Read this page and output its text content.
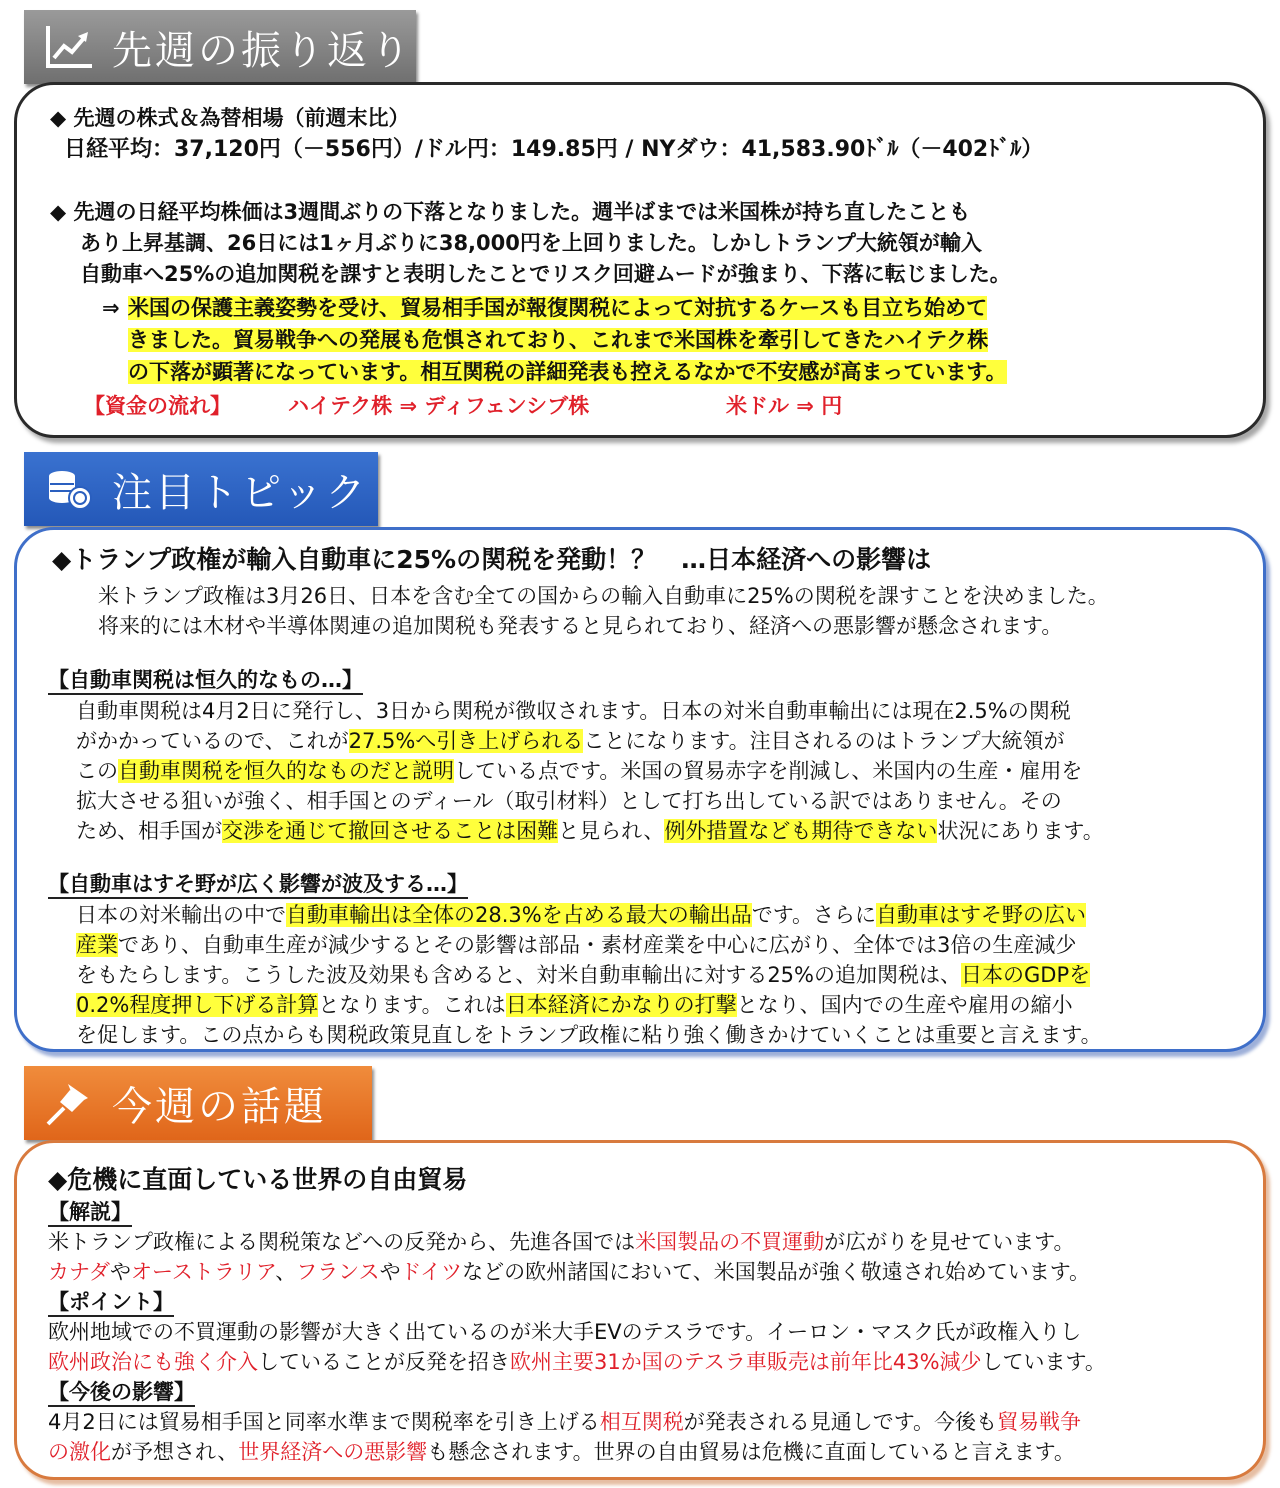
先週の振り返り
◆ 先週の株式＆為替相場（前週末比）
日経平均：37,120円（－556円）/ドル円：149.85円 / NYダウ：41,583.90ﾄﾞﾙ（－402ﾄﾞﾙ）
◆ 先週の日経平均株価は3週間ぶりの下落となりました。週半ばまでは米国株が持ち直したことも
あり上昇基調、26日には1ヶ月ぶりに38,000円を上回りました。しかしトランプ大統領が輸入
自動車へ25%の追加関税を課すと表明したことでリスク回避ムードが強まり、下落に転じました。
⇒ 米国の保護主義姿勢を受け、貿易相手国が報復関税によって対抗するケースも目立ち始めて
きました。貿易戦争への発展も危惧されており、これまで米国株を牽引してきたハイテク株
の下落が顕著になっています。相互関税の詳細発表も控えるなかで不安感が高まっています。
【資金の流れ】	ハイテク株 ⇒ ディフェンシブ株	米ドル ⇒ 円
注目トピック
◆トランプ政権が輸入自動車に25%の関税を発動！？　…日本経済への影響は
米トランプ政権は3月26日、日本を含む全ての国からの輸入自動車に25%の関税を課すことを決めました。
将来的には木材や半導体関連の追加関税も発表すると見られており、経済への悪影響が懸念されます。
【自動車関税は恒久的なもの…】
自動車関税は4月2日に発行し、3日から関税が徴収されます。日本の対米自動車輸出には現在2.5%の関税
がかかっているので、これが27.5%へ引き上げられることになります。注目されるのはトランプ大統領が
この自動車関税を恒久的なものだと説明している点です。米国の貿易赤字を削減し、米国内の生産・雇用を
拡大させる狙いが強く、相手国とのディール（取引材料）として打ち出している訳ではありません。その
ため、相手国が交渉を通じて撤回させることは困難と見られ、例外措置なども期待できない状況にあります。
【自動車はすそ野が広く影響が波及する…】
日本の対米輸出の中で自動車輸出は全体の28.3%を占める最大の輸出品です。さらに自動車はすそ野の広い
産業であり、自動車生産が減少するとその影響は部品・素材産業を中心に広がり、全体では3倍の生産減少
をもたらします。こうした波及効果も含めると、対米自動車輸出に対する25%の追加関税は、日本のGDPを
0.2%程度押し下げる計算となります。これは日本経済にかなりの打撃となり、国内での生産や雇用の縮小
を促します。この点からも関税政策見直しをトランプ政権に粘り強く働きかけていくことは重要と言えます。
今週の話題
◆危機に直面している世界の自由貿易
【解説】
米トランプ政権による関税策などへの反発から、先進各国では米国製品の不買運動が広がりを見せています。
カナダやオーストラリア、フランスやドイツなどの欧州諸国において、米国製品が強く敬遠され始めています。
【ポイント】
欧州地域での不買運動の影響が大きく出ているのが米大手EVのテスラです。イーロン・マスク氏が政権入りし
欧州政治にも強く介入していることが反発を招き欧州主要31か国のテスラ車販売は前年比43%減少しています。
【今後の影響】
4月2日には貿易相手国と同率水準まで関税率を引き上げる相互関税が発表される見通しです。今後も貿易戦争
の激化が予想され、世界経済への悪影響も懸念されます。世界の自由貿易は危機に直面していると言えます。
